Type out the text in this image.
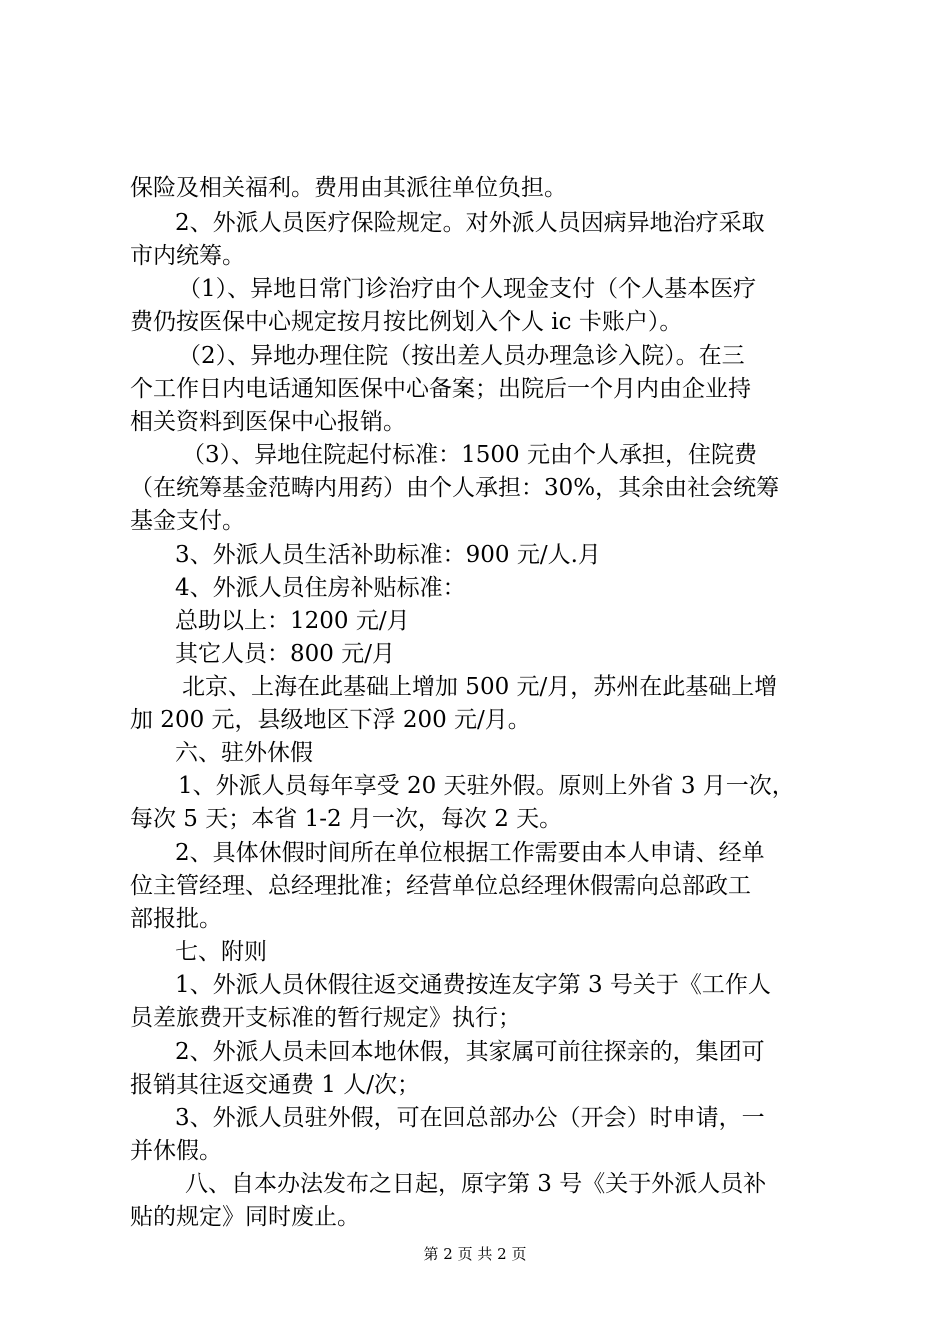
保险及相关福利。费用由其派往单位负担。
2、外派人员医疗保险规定。对外派人员因病异地治疗采取
市内统筹。
（1）、异地日常门诊治疗由个人现金支付（个人基本医疗
费仍按医保中心规定按月按比例划入个人 ic 卡账户）。
（2）、异地办理住院（按出差人员办理急诊入院）。在三
个工作日内电话通知医保中心备案；出院后一个月内由企业持
相关资料到医保中心报销。
（3）、异地住院起付标准：1500 元由个人承担，住院费
（在统筹基金范畴内用药）由个人承担：30%，其余由社会统筹
基金支付。
3、外派人员生活补助标准：900 元/人.月
4、外派人员住房补贴标准：
总助以上：1200 元/月
其它人员：800 元/月
北京、上海在此基础上增加 500 元/月，苏州在此基础上增
加 200 元，县级地区下浮 200 元/月。
六、驻外休假
1、外派人员每年享受 20 天驻外假。原则上外省 3 月一次，
每次 5 天；本省 1-2 月一次，每次 2 天。
2、具体休假时间所在单位根据工作需要由本人申请、经单
位主管经理、总经理批准；经营单位总经理休假需向总部政工
部报批。
七、附则
1、外派人员休假往返交通费按连友字第 3 号关于《工作人
员差旅费开支标准的暂行规定》执行；
2、外派人员未回本地休假，其家属可前往探亲的，集团可
报销其往返交通费 1 人/次；
3、外派人员驻外假，可在回总部办公（开会）时申请，一
并休假。
八、自本办法发布之日起，原字第 3 号《关于外派人员补
贴的规定》同时废止。
第 2 页 共 2 页
